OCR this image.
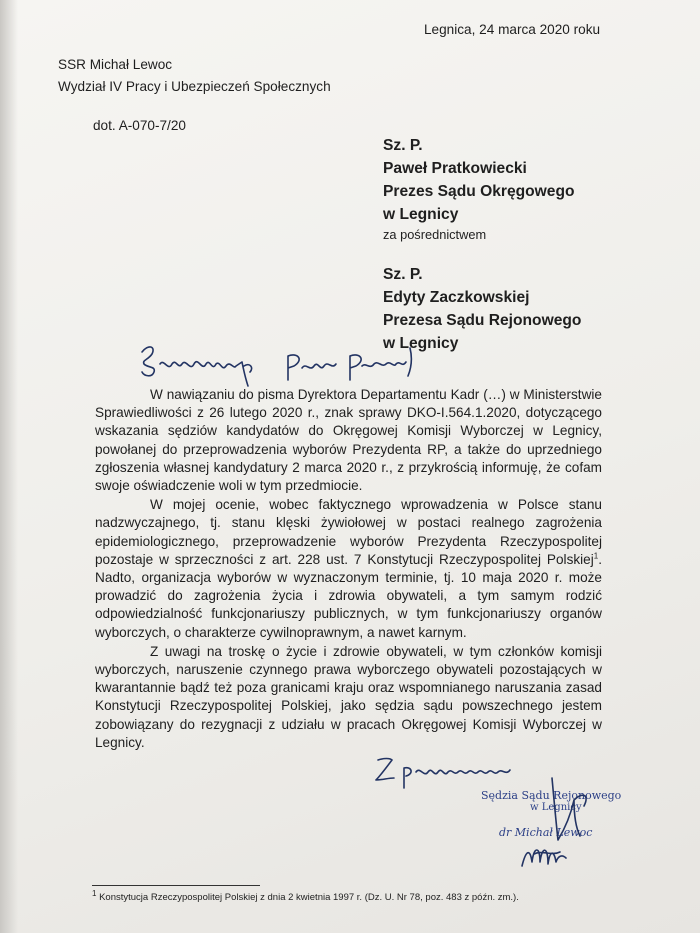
Legnica, 24 marca 2020 roku
SSR Michał Lewoc
Wydział IV Pracy i Ubezpieczeń Społecznych
dot. A-070-7/20
Sz. P.
Paweł Pratkowiecki
Prezes Sądu Okręgowego
w Legnicy
za pośrednictwem
Sz. P.
Edyty Zaczkowskiej
Prezesa Sądu Rejonowego
w Legnicy

W nawiązaniu do pisma Dyrektora Departamentu Kadr (…) w Ministerstwie Sprawiedliwości z 26 lutego 2020 r., znak sprawy DKO-I.564.1.2020, dotyczącego wskazania sędziów kandydatów do Okręgowej Komisji Wyborczej w Legnicy, powołanej do przeprowadzenia wyborów Prezydenta RP, a także do uprzedniego zgłoszenia własnej kandydatury 2 marca 2020 r., z przykrością informuję, że cofam swoje oświadczenie woli w tym przedmiocie.

W mojej ocenie, wobec faktycznego wprowadzenia w Polsce stanu nadzwyczajnego, tj. stanu klęski żywiołowej w postaci realnego zagrożenia epidemiologicznego, przeprowadzenie wyborów Prezydenta Rzeczypospolitej pozostaje w sprzeczności z art. 228 ust. 7 Konstytucji Rzeczypospolitej Polskiej$^1$. Nadto, organizacja wyborów w wyznaczonym terminie, tj. 10 maja 2020 r. może prowadzić do zagrożenia życia i zdrowia obywateli, a tym samym rodzić odpowiedzialność funkcjonariuszy publicznych, w tym funkcjonariuszy organów wyborczych, o charakterze cywilnoprawnym, a nawet karnym.

Z uwagi na troskę o życie i zdrowie obywateli, w tym członków komisji wyborczych, naruszenie czynnego prawa wyborczego obywateli pozostających w kwarantannie bądź też poza granicami kraju oraz wspomnianego naruszania zasad Konstytucji Rzeczypospolitej Polskiej, jako sędzia sądu powszechnego jestem zobowiązany do rezygnacji z udziału w pracach Okręgowej Komisji Wyborczej w Legnicy.

Sędzia Sądu Rejonowego
w Legnicy
dr Michał Lewoc
$^1$ Konstytucja Rzeczypospolitej Polskiej z dnia 2 kwietnia 1997 r. (Dz. U. Nr 78, poz. 483 z późn. zm.).
